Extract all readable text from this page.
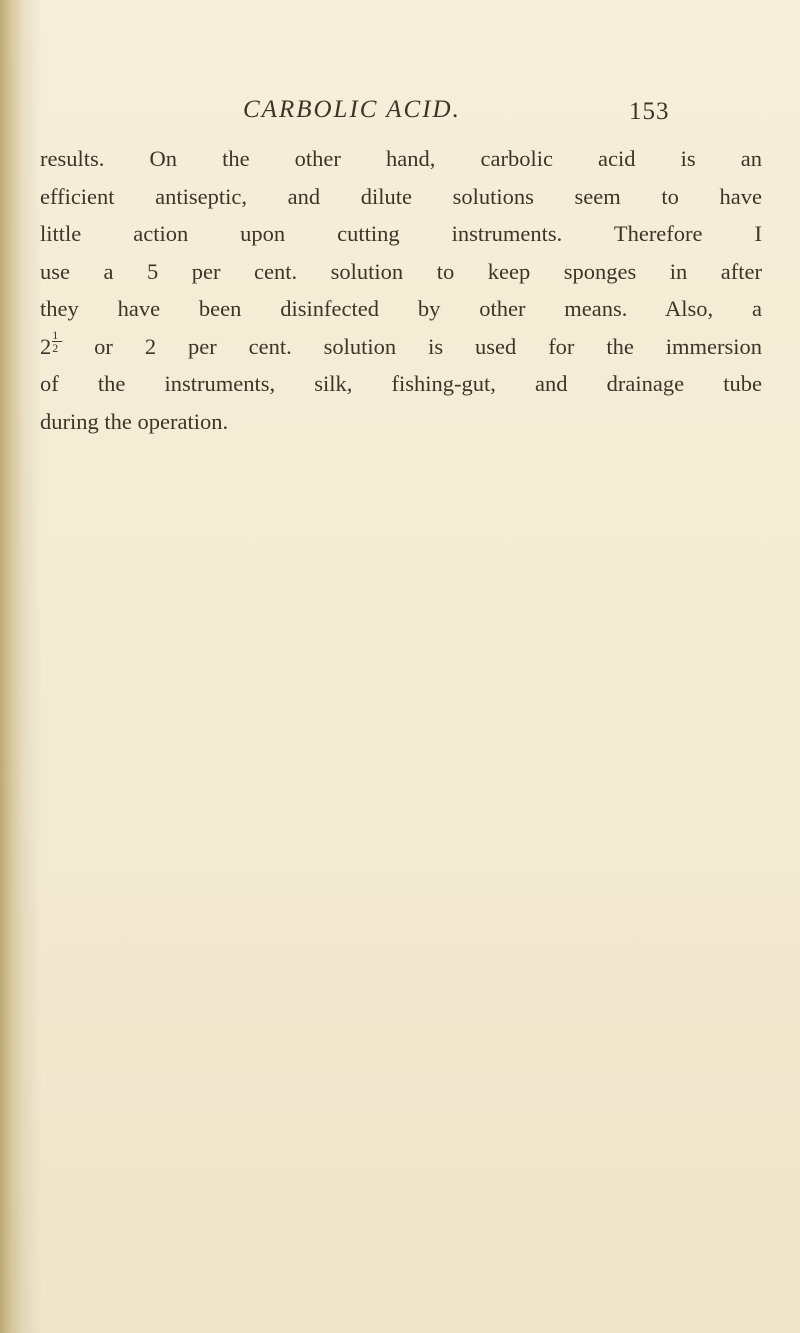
CARBOLIC ACID.	153
results. On the other hand, carbolic acid is an
efficient antiseptic, and dilute solutions seem to have
little action upon cutting instruments. Therefore I
use a 5 per cent. solution to keep sponges in after
they have been disinfected by other means. Also, a
$2 \frac{1}{2}$ or 2 per cent. solution is used for the immersion
of the instruments, silk, fishing-gut, and drainage tube
during the operation.
